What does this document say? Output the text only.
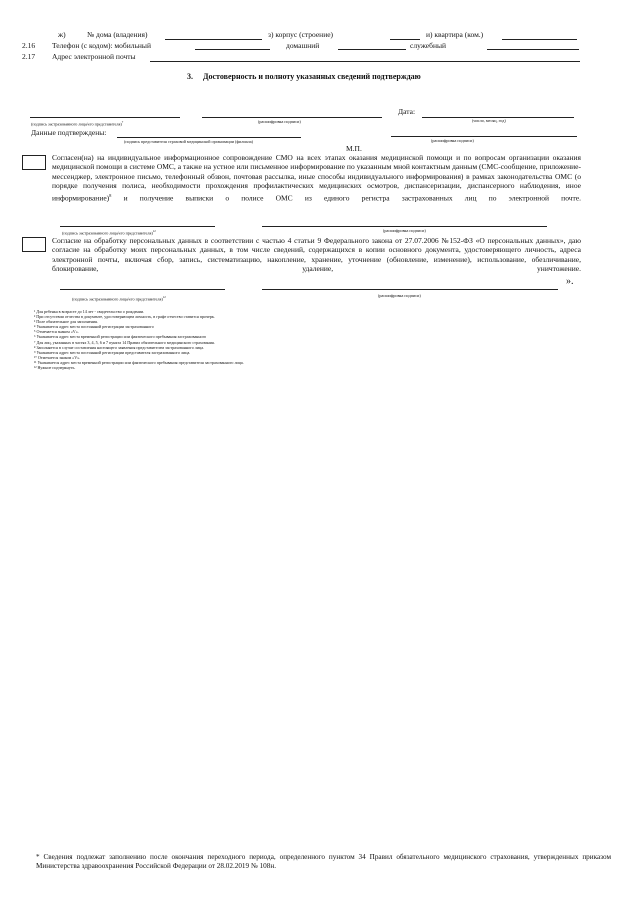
ж)	№ дома (владения)	з) корпус (строение)	и) квартира (ком.)
2.16 Телефон (с кодом): мобильный	домашний	служебный
2.17 Адрес электронной почты
3. Достоверность и полноту указанных сведений подтверждаю
Дата:
(подпись застрахованного лица/его представителя)$^7$	(расшифровка подписи)	(число, месяц, год)
Данные подтверждены:
(подпись представителя страховой медицинской организации (филиала)	(расшифровка подписи)
М.П.
Согласен(на) на индивидуальное информационное сопровождение СМО на всех этапах оказания медицинской помощи и по вопросам организации оказания медицинской помощи в системе ОМС, а также на устное или письменное информирование по указанным мной контактным данным (СМС-сообщение, приложение-мессенджер, электронное письмо, телефонный обзвон, почтовая рассылка, иные способы индивидуального информирования) в рамках законодательства ОМС (о порядке получения полиса, необходимости прохождения профилактических медицинских осмотров, диспансеризации, диспансерного наблюдения, иное информирование)$^8$ и получение выписки о полисе ОМС из единого регистра застрахованных лиц по электронной почте.
(подпись застрахованного лица/его представителя)$^{12}$	(расшифровка подписи)
Согласие на обработку персональных данных в соответствии с частью 4 статьи 9 Федерального закона от 27.07.2006 №152-ФЗ «О персональных данных», даю согласие на обработку моих персональных данных, в том числе сведений, содержащихся в копии основного документа, удостоверяющего личность, адреса электронной почты, включая сбор, запись, систематизацию, накопление, хранение, уточнение (обновление, изменение), использование, обезличивание, блокирование, удаление, уничтожение.
».
(подпись застрахованного лица/его представителя)$^{12}$	(расшифровка подписи)
¹ Для ребенка в возрасте до 14 лет - свидетельство о рождении.
² При отсутствии отчества в документе, удостоверяющем личность, в графе отчество ставится прочерк.
³ Поле обязательное для заполнения.
⁴ Указывается адрес места постоянной регистрации застрахованного
⁵ Отмечается знаком «V».
⁶ Указывается адрес места временной регистрации или фактического пребывания застрахованного
⁷ Для лиц, указанных в частях 3, 4, 5, 6 и 7 пункта 14 Правил обязательного медицинского страхования.
⁸ Заполняется в случае составления настоящего заявления представителем застрахованного лица.
⁹ Указывается адрес места постоянной регистрации представителя застрахованного лица.
¹⁰ Отмечается знаком «V».
¹¹ Указывается адрес места временной регистрации или фактического пребывания представителя застрахованного лица.
¹² Нужное подчеркнуть.
* Сведения подлежат заполнению после окончания переходного периода, определенного пунктом 34 Правил обязательного медицинского страхования, утвержденных приказом Министерства здравоохранения Российской Федерации от 28.02.2019 № 108н.
